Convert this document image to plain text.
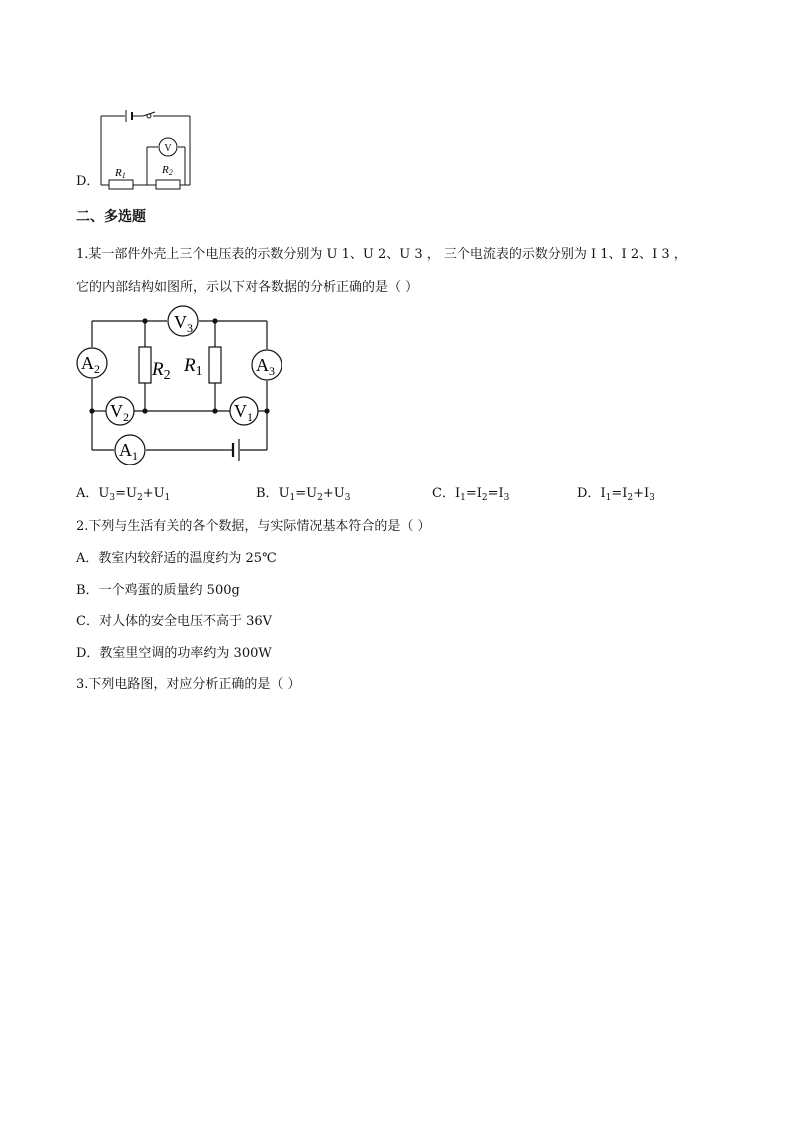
D．
V
R1	R2
二、多选题
1.某一部件外壳上三个电压表的示数分别为 U 1、U 2、U 3 ， 三个电流表的示数分别为 I 1、I 2、I 3 ，
它的内部结构如图所，示以下对各数据的分析正确的是（ ）
$R_2$ $R_1$
$V_3$
$A_2$	$A_3$
$V_2$	$V_1$
$A_1$
A．$U_3=U_2+U_1$	B．$U_1=U_2+U_3$	C．$I_1=I_2=I_3$	D．$I_1=I_2+I_3$
2.下列与生活有关的各个数据，与实际情况基本符合的是（ ）
A．教室内较舒适的温度约为 25℃
B．一个鸡蛋的质量约 500g
C．对人体的安全电压不高于 36V
D．教室里空调的功率约为 300W
3.下列电路图，对应分析正确的是（ ）
